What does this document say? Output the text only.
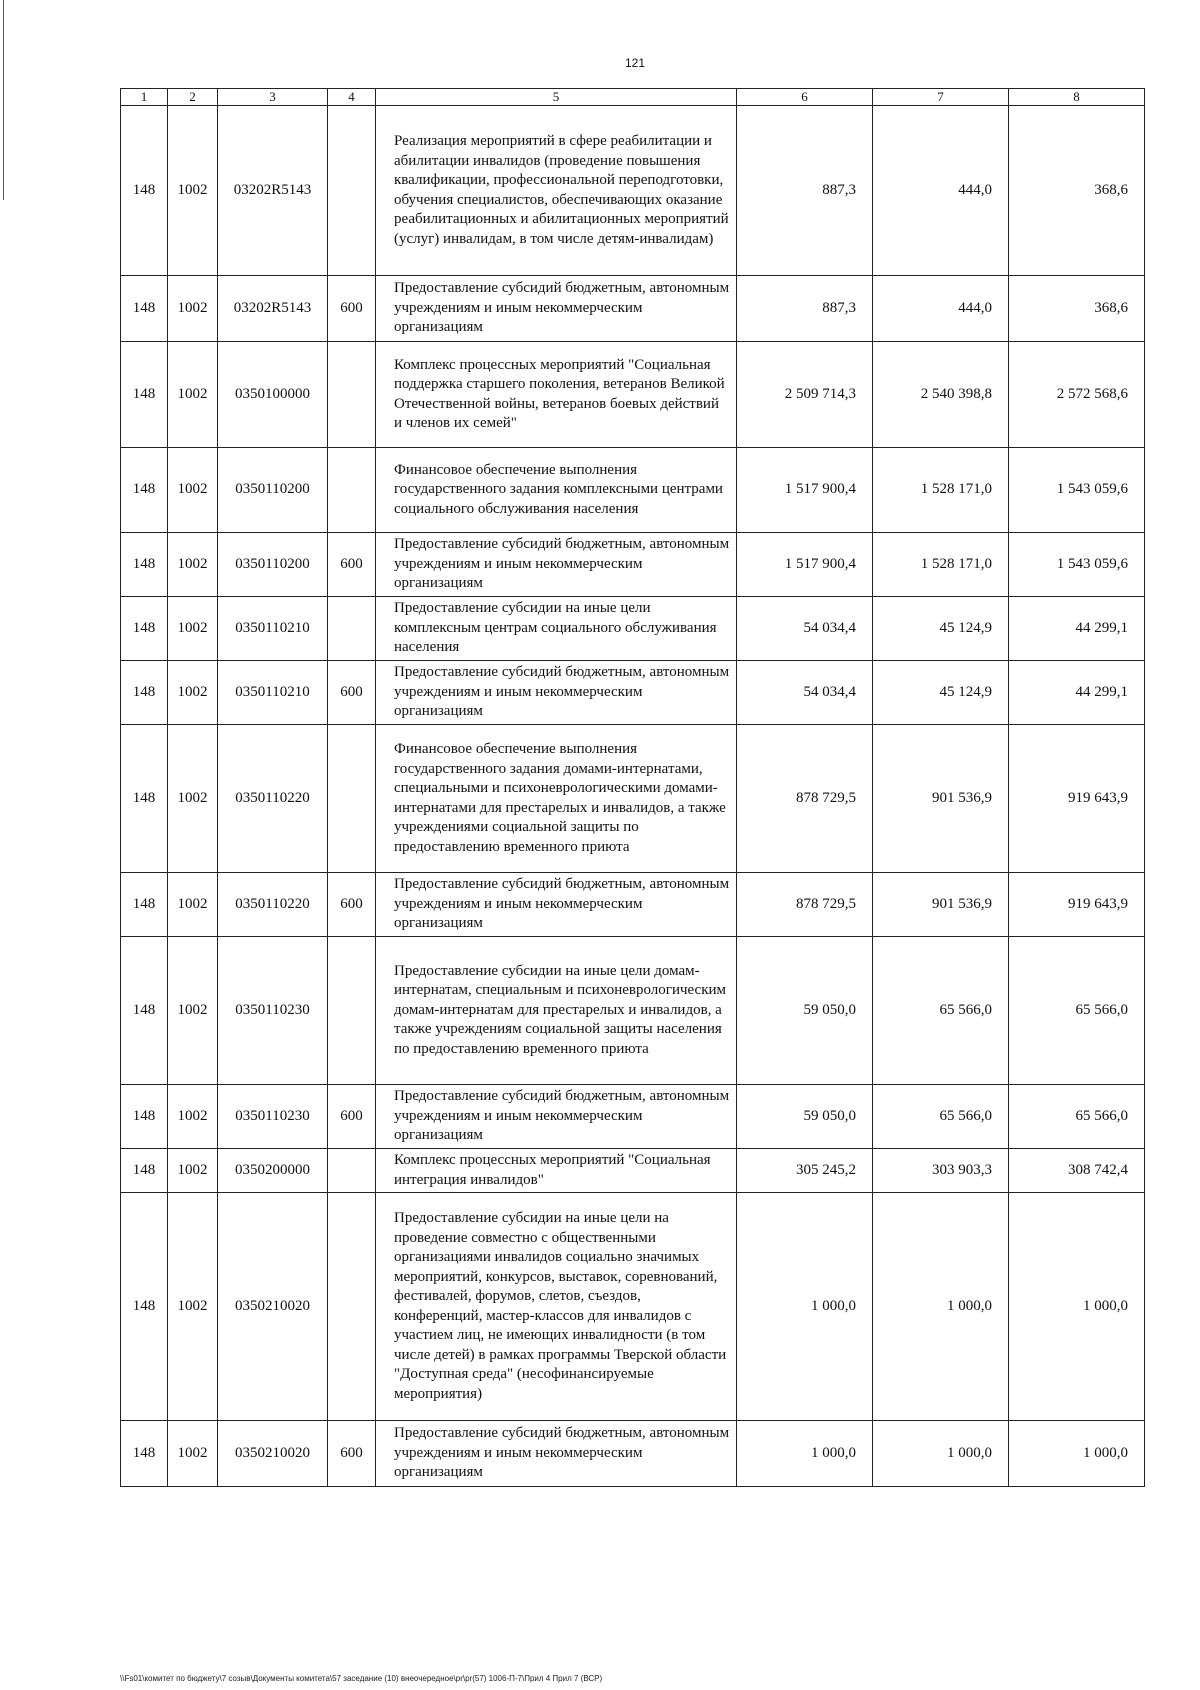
121
1	2	3	4	5	6	7	8
148	1002	03202R5143		Реализация мероприятий в сфере реабилитации и абилитации инвалидов (проведение повышения квалификации, профессиональной переподготовки, обучения специалистов, обеспечивающих оказание реабилитационных и абилитационных мероприятий (услуг) инвалидам, в том числе детям-инвалидам)	887,3	444,0	368,6
148	1002	03202R5143	600	Предоставление субсидий бюджетным, автономным учреждениям и иным некоммерческим организациям	887,3	444,0	368,6
148	1002	0350100000		Комплекс процессных мероприятий "Социальная поддержка старшего поколения, ветеранов Великой Отечественной войны, ветеранов боевых действий и членов их семей"	2 509 714,3	2 540 398,8	2 572 568,6
148	1002	0350110200		Финансовое обеспечение выполнения государственного задания комплексными центрами социального обслуживания населения	1 517 900,4	1 528 171,0	1 543 059,6
148	1002	0350110200	600	Предоставление субсидий бюджетным, автономным учреждениям и иным некоммерческим организациям	1 517 900,4	1 528 171,0	1 543 059,6
148	1002	0350110210		Предоставление субсидии на иные цели комплексным центрам социального обслуживания населения	54 034,4	45 124,9	44 299,1
148	1002	0350110210	600	Предоставление субсидий бюджетным, автономным учреждениям и иным некоммерческим организациям	54 034,4	45 124,9	44 299,1
148	1002	0350110220		Финансовое обеспечение выполнения государственного задания домами-интернатами, специальными и психоневрологическими домами-интернатами для престарелых и инвалидов, а также учреждениями социальной защиты по предоставлению временного приюта	878 729,5	901 536,9	919 643,9
148	1002	0350110220	600	Предоставление субсидий бюджетным, автономным учреждениям и иным некоммерческим организациям	878 729,5	901 536,9	919 643,9
148	1002	0350110230		Предоставление субсидии на иные цели домам-интернатам, специальным и психоневрологическим домам-интернатам для престарелых и инвалидов, а также учреждениям социальной защиты населения по предоставлению временного приюта	59 050,0	65 566,0	65 566,0
148	1002	0350110230	600	Предоставление субсидий бюджетным, автономным учреждениям и иным некоммерческим организациям	59 050,0	65 566,0	65 566,0
148	1002	0350200000		Комплекс процессных мероприятий "Социальная интеграция инвалидов"	305 245,2	303 903,3	308 742,4
148	1002	0350210020		Предоставление субсидии на иные цели на проведение совместно с общественными организациями инвалидов социально значимых мероприятий, конкурсов, выставок, соревнований, фестивалей, форумов, слетов, съездов, конференций, мастер-классов для инвалидов с участием лиц, не имеющих инвалидности (в том числе детей) в рамках программы Тверской области "Доступная среда" (несофинансируемые мероприятия)	1 000,0	1 000,0	1 000,0
148	1002	0350210020	600	Предоставление субсидий бюджетным, автономным учреждениям и иным некоммерческим организациям	1 000,0	1 000,0	1 000,0
\\Fs01\комитет по бюджету\7 созыв\Документы комитета\57 заседание (10) внеочередное\pr\pr(57) 1006-П-7\Прил 4 Прил 7 (ВСР)
